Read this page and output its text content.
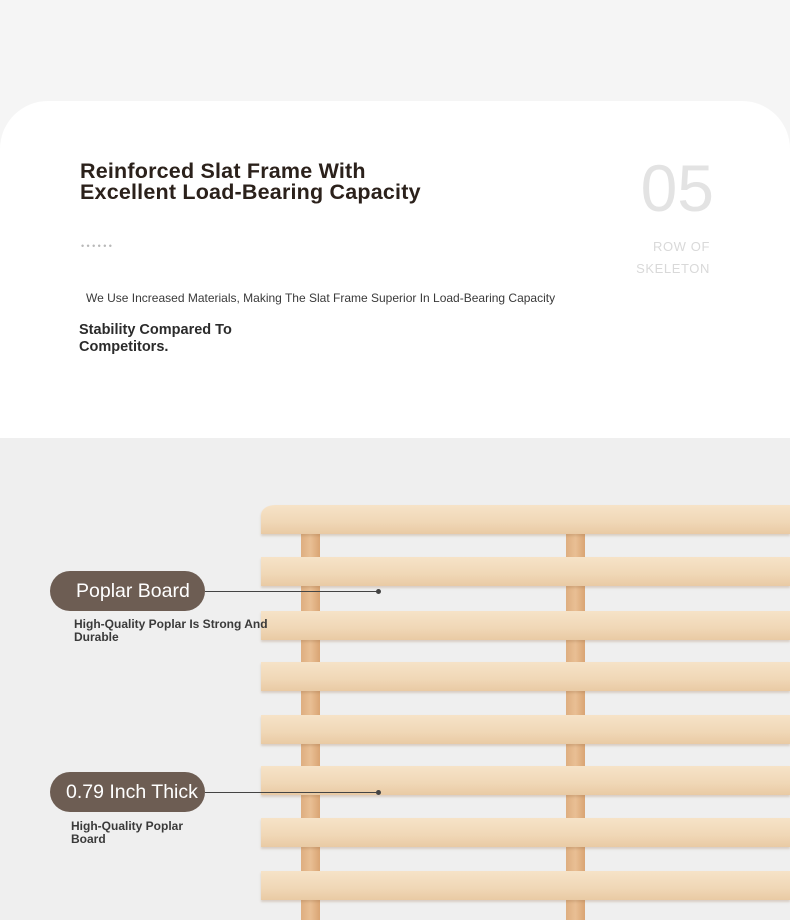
Reinforced Slat Frame With
Excellent Load-Bearing Capacity
••••••
05
ROW OF
SKELETON
We Use Increased Materials, Making The Slat Frame Superior In Load-Bearing Capacity
Stability Compared To
Competitors.
Poplar Board
High-Quality Poplar Is Strong And
Durable
0.79 Inch Thick
High-Quality Poplar
Board
